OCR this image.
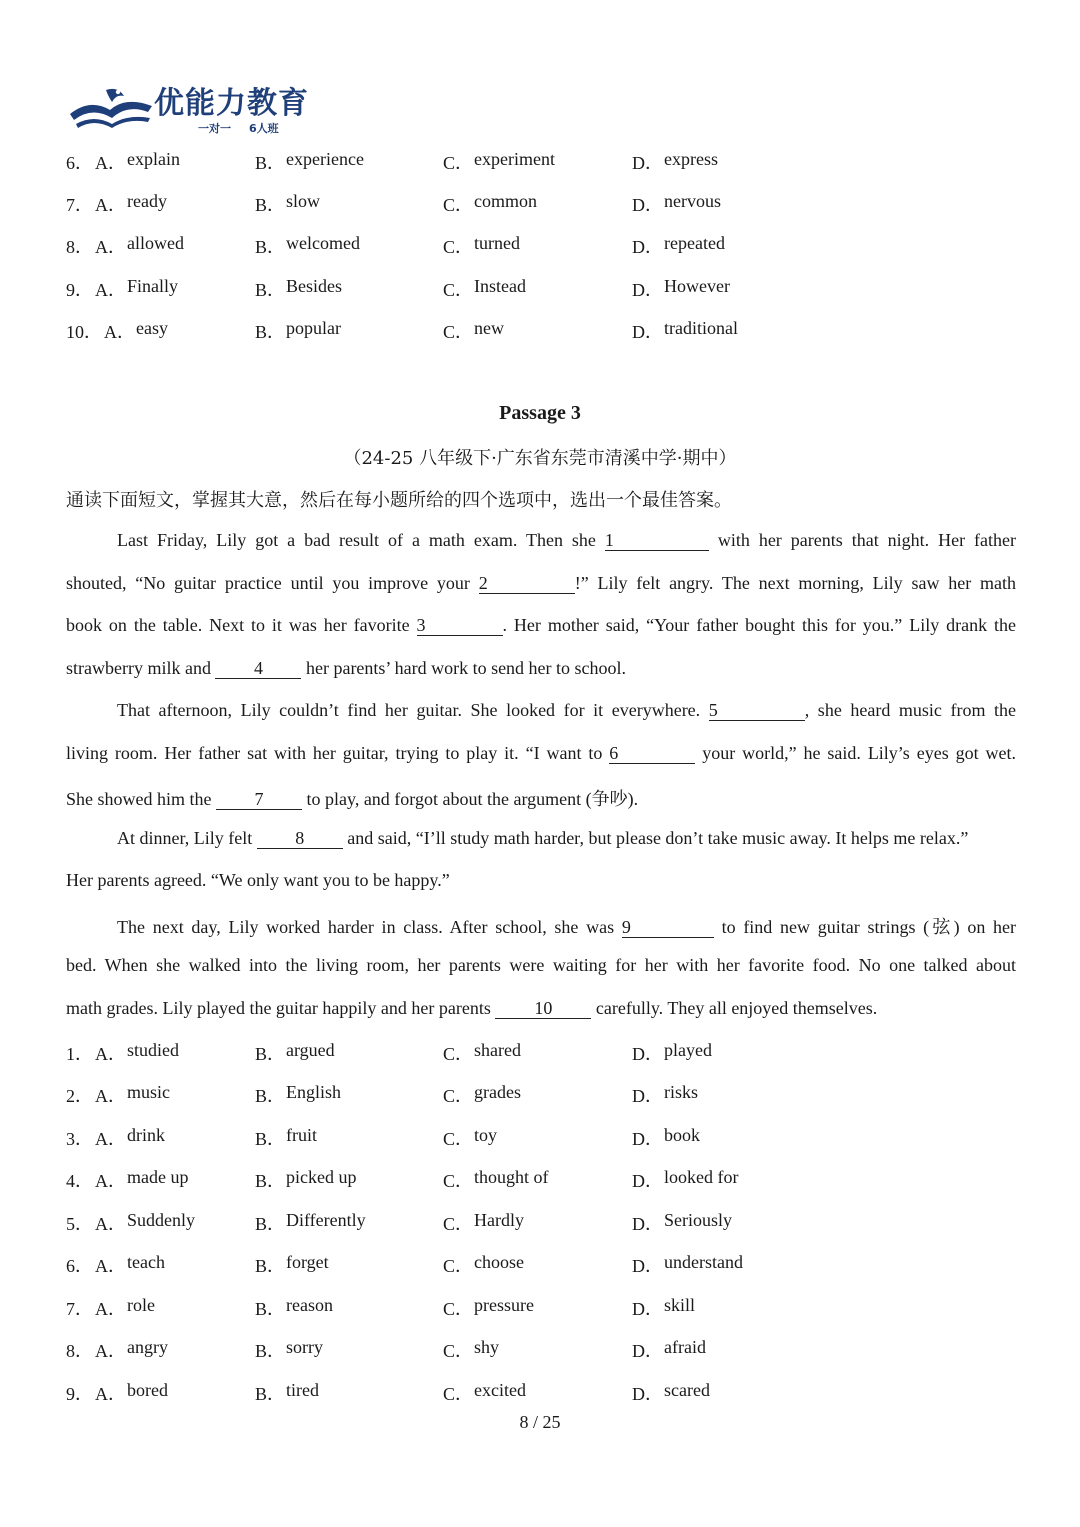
优能力教育
一对一 6人班
6． A． explain	B． experience	C． experiment	D． express
7． A． ready	B． slow	C． common	D． nervous
8． A． allowed	B． welcomed	C． turned	D． repeated
9． A． Finally	B． Besides	C． Instead	D． However
10． A． easy	B． popular	C． new	D． traditional
Passage 3
（24-25 八年级下·广东省东莞市清溪中学·期中）
通读下面短文，掌握其大意，然后在每小题所给的四个选项中，选出一个最佳答案。
Last Friday, Lily got a bad result of a math exam. Then she 1	with her parents that night. Her father
shouted, “No guitar practice until you improve your 2	!” Lily felt angry. The next morning, Lily saw her math
book on the table. Next to it was her favorite 3	. Her mother said, “Your father bought this for you.” Lily drank the
strawberry milk and 4 her parents’ hard work to send her to school.
That afternoon, Lily couldn’t find her guitar. She looked for it everywhere. 5	, she heard music from the
living room. Her father sat with her guitar, trying to play it. “I want to 6	your world,” he said. Lily’s eyes got wet.
She showed him the 7 to play, and forgot about the argument (争吵).
At dinner, Lily felt 8 and said, “I’ll study math harder, but please don’t take music away. It helps me relax.”
Her parents agreed. “We only want you to be happy.”
The next day, Lily worked harder in class. After school, she was 9	to find new guitar strings (弦) on her
bed. When she walked into the living room, her parents were waiting for her with her favorite food. No one talked about
math grades. Lily played the guitar happily and her parents 10 carefully. They all enjoyed themselves.
1． A． studied	B． argued	C． shared	D． played
2． A． music	B． English	C． grades	D． risks
3． A． drink	B． fruit	C． toy	D． book
4． A． made up	B． picked up	C． thought of	D． looked for
5． A． Suddenly	B． Differently	C． Hardly	D． Seriously
6． A． teach	B． forget	C． choose	D． understand
7． A． role	B． reason	C． pressure	D． skill
8． A． angry	B． sorry	C． shy	D． afraid
9． A． bored	B． tired	C． excited	D． scared
8 / 25
